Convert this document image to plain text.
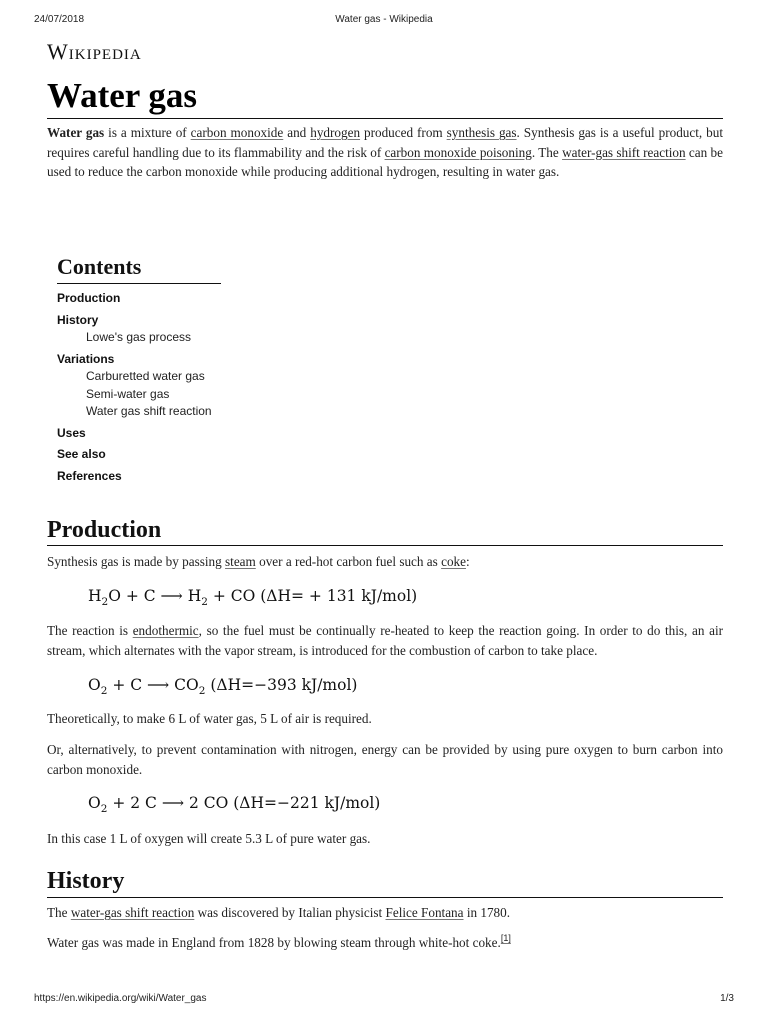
24/07/2018	Water gas - Wikipedia
Wikipedia
Water gas

Water gas is a mixture of carbon monoxide and hydrogen produced from synthesis gas. Synthesis gas is a useful product, but requires careful handling due to its flammability and the risk of carbon monoxide poisoning. The water-gas shift reaction can be used to reduce the carbon monoxide while producing additional hydrogen, resulting in water gas.

Contents
Production
History
Lowe's gas process
Variations
Carburetted water gas
Semi-water gas
Water gas shift reaction
Uses
See also
References
Production

Synthesis gas is made by passing steam over a red-hot carbon fuel such as coke:

$H_2O + C$ ⟶ $H_2$ + CO (ΔH= + 131 kJ/mol)

The reaction is endothermic, so the fuel must be continually re-heated to keep the reaction going. In order to do this, an air stream, which alternates with the vapor stream, is introduced for the combustion of carbon to take place.

$O_2 + C$ ⟶ $CO_2$ (ΔH=−393 kJ/mol)

Theoretically, to make 6 L of water gas, 5 L of air is required.

Or, alternatively, to prevent contamination with nitrogen, energy can be provided by using pure oxygen to burn carbon into carbon monoxide.

$O_2 + 2$ C ⟶ 2 CO (ΔH=−221 kJ/mol)

In this case 1 L of oxygen will create 5.3 L of pure water gas.

History

The water-gas shift reaction was discovered by Italian physicist Felice Fontana in 1780.

Water gas was made in England from 1828 by blowing steam through white-hot coke.[1]

https://en.wikipedia.org/wiki/Water_gas	1/3
